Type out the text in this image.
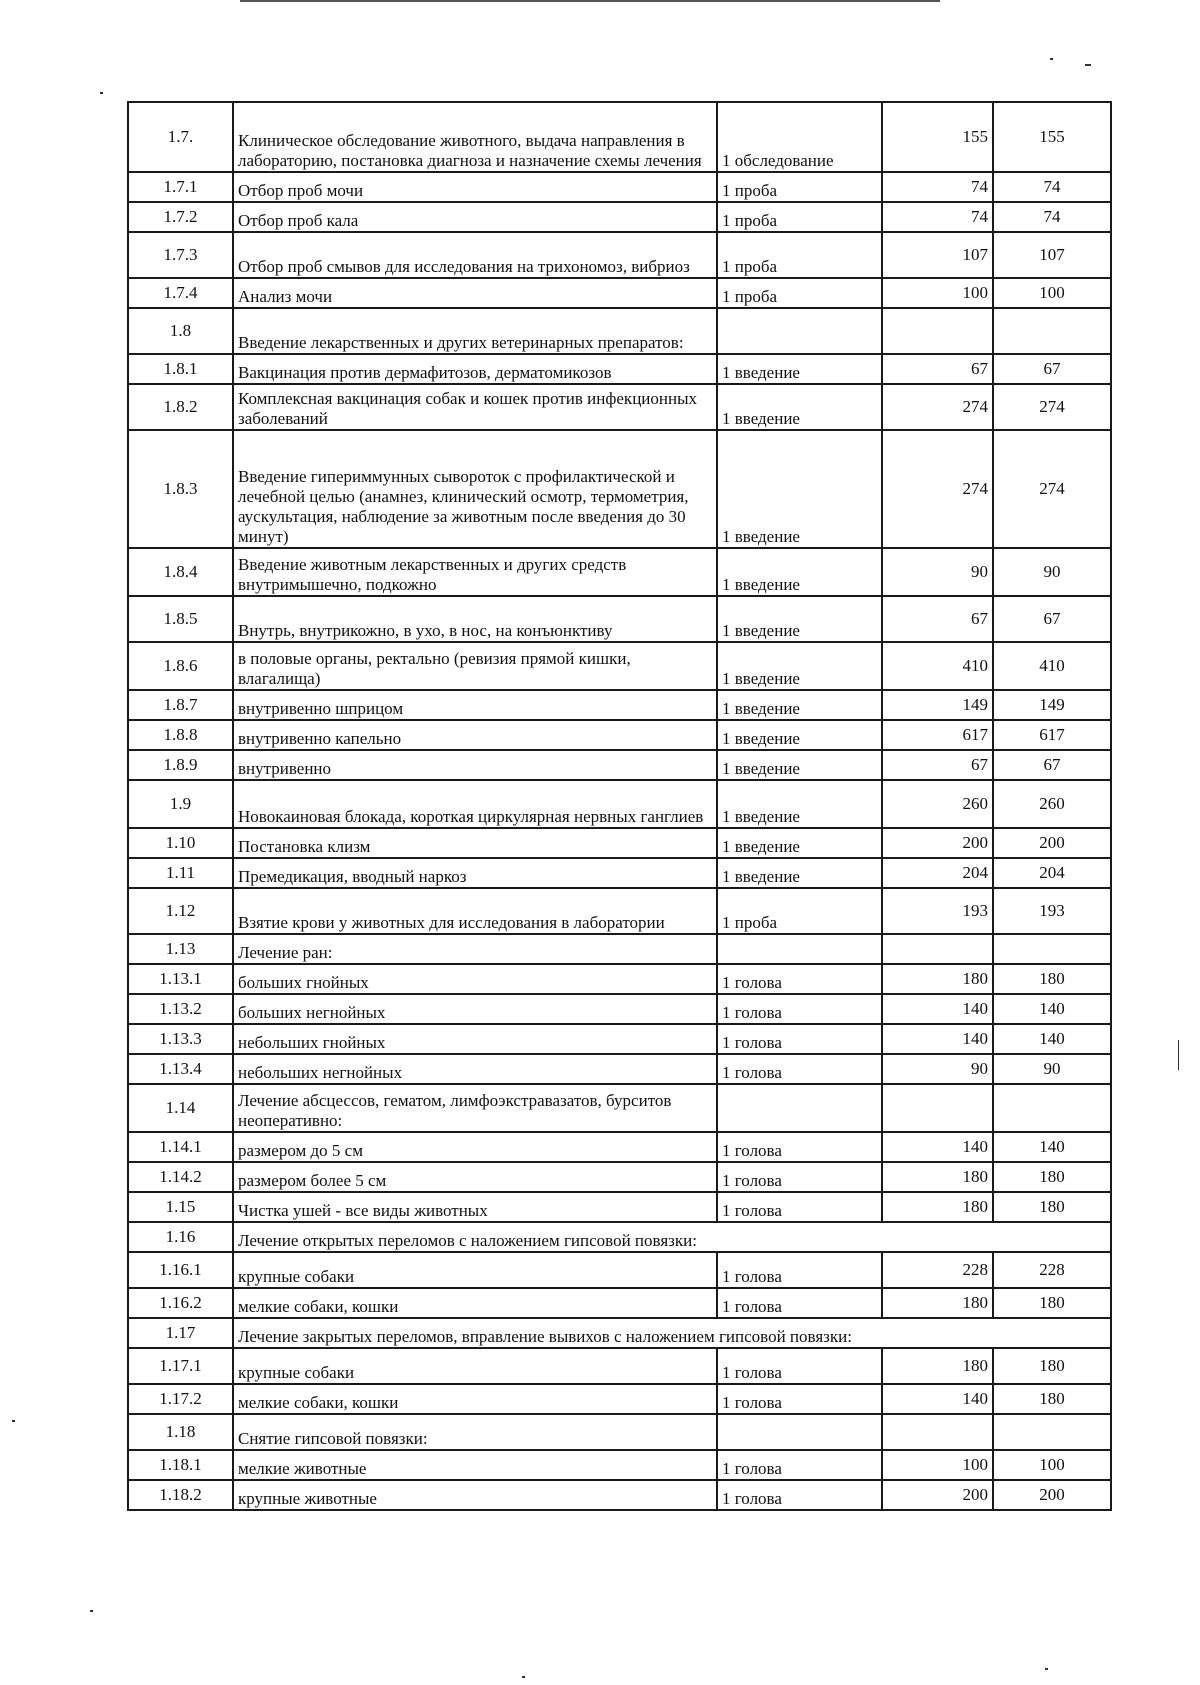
1.7.	Клиническое обследование животного, выдача направления в лабораторию, постановка диагноза и назначение схемы лечения	1 обследование	155	155
1.7.1	Отбор проб мочи	1 проба	74	74
1.7.2	Отбор проб кала	1 проба	74	74
1.7.3	Отбор проб смывов для исследования на трихономоз, вибриоз	1 проба	107	107
1.7.4	Анализ мочи	1 проба	100	100
1.8	Введение лекарственных и других ветеринарных препаратов:			
1.8.1	Вакцинация против дермафитозов, дерматомикозов	1 введение	67	67
1.8.2	Комплексная вакцинация собак и кошек против инфекционных заболеваний	1 введение	274	274
1.8.3	Введение гипериммунных сывороток с профилактической и лечебной целью (анамнез, клинический осмотр, термометрия, аускультация, наблюдение за животным после введения до 30 минут)	1 введение	274	274
1.8.4	Введение животным лекарственных и других средств внутримышечно, подкожно	1 введение	90	90
1.8.5	Внутрь, внутрикожно, в ухо, в нос, на конъюнктиву	1 введение	67	67
1.8.6	в половые органы, ректально (ревизия прямой кишки, влагалища)	1 введение	410	410
1.8.7	внутривенно шприцом	1 введение	149	149
1.8.8	внутривенно капельно	1 введение	617	617
1.8.9	внутривенно	1 введение	67	67
1.9	Новокаиновая блокада, короткая циркулярная нервных ганглиев	1 введение	260	260
1.10	Постановка клизм	1 введение	200	200
1.11	Премедикация, вводный наркоз	1 введение	204	204
1.12	Взятие крови у животных для исследования в лаборатории	1 проба	193	193
1.13	Лечение ран:			
1.13.1	больших гнойных	1 голова	180	180
1.13.2	больших негнойных	1 голова	140	140
1.13.3	небольших гнойных	1 голова	140	140
1.13.4	небольших негнойных	1 голова	90	90
1.14	Лечение абсцессов, гематом, лимфоэкстравазатов, бурситов неоперативно:			
1.14.1	размером до 5 см	1 голова	140	140
1.14.2	размером более 5 см	1 голова	180	180
1.15	Чистка ушей - все виды животных	1 голова	180	180
1.16	Лечение открытых переломов с наложением гипсовой повязки:			
1.16.1	крупные собаки	1 голова	228	228
1.16.2	мелкие собаки, кошки	1 голова	180	180
1.17	Лечение закрытых переломов, вправление вывихов с наложением гипсовой повязки:			
1.17.1	крупные собаки	1 голова	180	180
1.17.2	мелкие собаки, кошки	1 голова	140	180
1.18	Снятие гипсовой повязки:			
1.18.1	мелкие животные	1 голова	100	100
1.18.2	крупные животные	1 голова	200	200
